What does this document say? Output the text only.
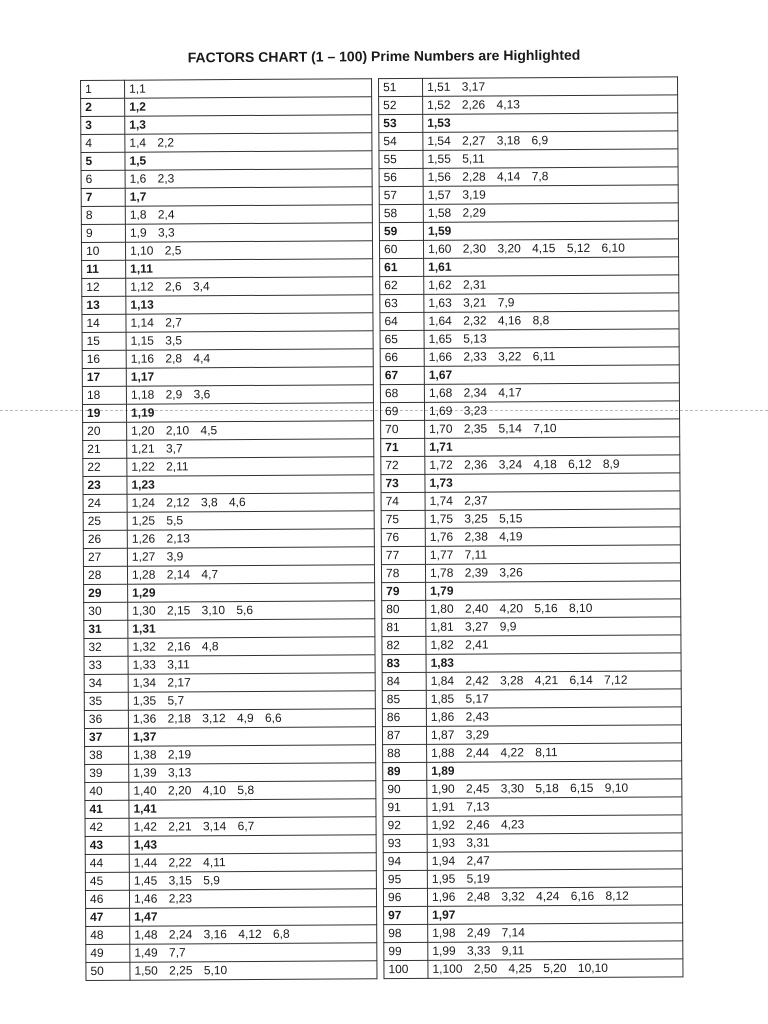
FACTORS CHART (1 – 100) Prime Numbers are Highlighted
1	1,1
2	1,2
3	1,3
4	1,4 2,2
5	1,5
6	1,6 2,3
7	1,7
8	1,8 2,4
9	1,9 3,3
10	1,10 2,5
11	1,11
12	1,12 2,6 3,4
13	1,13
14	1,14 2,7
15	1,15 3,5
16	1,16 2,8 4,4
17	1,17
18	1,18 2,9 3,6
19	1,19
20	1,20 2,10 4,5
21	1,21 3,7
22	1,22 2,11
23	1,23
24	1,24 2,12 3,8 4,6
25	1,25 5,5
26	1,26 2,13
27	1,27 3,9
28	1,28 2,14 4,7
29	1,29
30	1,30 2,15 3,10 5,6
31	1,31
32	1,32 2,16 4,8
33	1,33 3,11
34	1,34 2,17
35	1,35 5,7
36	1,36 2,18 3,12 4,9 6,6
37	1,37
38	1,38 2,19
39	1,39 3,13
40	1,40 2,20 4,10 5,8
41	1,41
42	1,42 2,21 3,14 6,7
43	1,43
44	1,44 2,22 4,11
45	1,45 3,15 5,9
46	1,46 2,23
47	1,47
48	1,48 2,24 3,16 4,12 6,8
49	1,49 7,7
50	1,50 2,25 5,10
51	1,51 3,17
52	1,52 2,26 4,13
53	1,53
54	1,54 2,27 3,18 6,9
55	1,55 5,11
56	1,56 2,28 4,14 7,8
57	1,57 3,19
58	1,58 2,29
59	1,59
60	1,60 2,30 3,20 4,15 5,12 6,10
61	1,61
62	1,62 2,31
63	1,63 3,21 7,9
64	1,64 2,32 4,16 8,8
65	1,65 5,13
66	1,66 2,33 3,22 6,11
67	1,67
68	1,68 2,34 4,17
69	1,69 3,23
70	1,70 2,35 5,14 7,10
71	1,71
72	1,72 2,36 3,24 4,18 6,12 8,9
73	1,73
74	1,74 2,37
75	1,75 3,25 5,15
76	1,76 2,38 4,19
77	1,77 7,11
78	1,78 2,39 3,26
79	1,79
80	1,80 2,40 4,20 5,16 8,10
81	1,81 3,27 9,9
82	1,82 2,41
83	1,83
84	1,84 2,42 3,28 4,21 6,14 7,12
85	1,85 5,17
86	1,86 2,43
87	1,87 3,29
88	1,88 2,44 4,22 8,11
89	1,89
90	1,90 2,45 3,30 5,18 6,15 9,10
91	1,91 7,13
92	1,92 2,46 4,23
93	1,93 3,31
94	1,94 2,47
95	1,95 5,19
96	1,96 2,48 3,32 4,24 6,16 8,12
97	1,97
98	1,98 2,49 7,14
99	1,99 3,33 9,11
100	1,100 2,50 4,25 5,20 10,10
